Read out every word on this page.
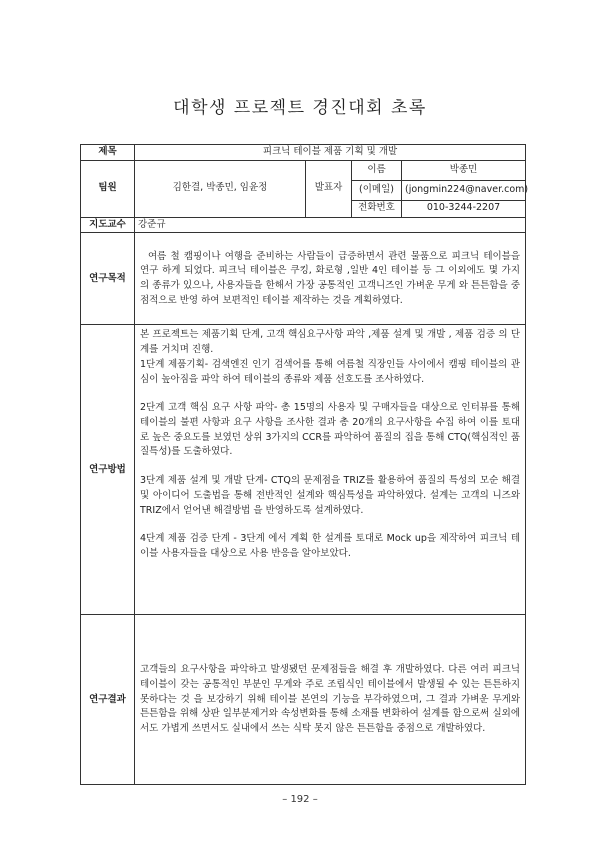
대학생 프로젝트 경진대회 초록
제목	피크닉 테이블 제품 기획 및 개발			
팀원	김한결, 박종민, 임윤정	발표자	이름	박종민
			(이메일)	(jongmin224@naver.com)
			전화번호	010-3244-2207
지도교수	강준규			
연구목적	여름 철 캠핑이나 여행을 준비하는 사람들이 급증하면서 관련 물품으로 피크닉 테이블을 연구 하게 되었다. 피크닉 테이블은 쿠킹, 화로형 ,일반 4인 테이블 등 그 이외에도 몇 가지 의 종류가 있으나, 사용자들을 한해서 가장 공통적인 고객니즈인 가벼운 무게 와 튼튼함을 중점적으로 반영 하여 보편적인 테이블 제작하는 것을 계획하였다.			

연구방법	본 프로젝트는 제품기획 단계, 고객 핵심요구사항 파악 ,제품 설계 및 개발 , 제품 검증 의 단계를 거치며 진행.

1단계 제품기획- 검색엔진 인기 검색어를 통해 여름철 직장인들 사이에서 캠핑 테이블의 관심이 높아짐을 파악 하여 테이블의 종류와 제품 선호도를 조사하였다.

2단계 고객 핵심 요구 사항 파악- 총 15명의 사용자 및 구매자들을 대상으로 인터뷰를 통해 테이블의 불편 사항과 요구 사항을 조사한 결과 총 20개의 요구사항을 수집 하여 이를 토대로 높은 중요도를 보였던 상위 3가지의 CCR를 파악하여 품질의 집을 통해 CTQ(핵심적인 품질특성)를 도출하였다.

3단계 제품 설계 및 개발 단계- CTQ의 문제점을 TRIZ를 활용하여 품질의 특성의 모순 해결 및 아이디어 도출법을 통해 전반적인 설계와 핵심특성을 파악하였다. 설계는 고객의 니즈와 TRIZ에서 얻어낸 해결방법 을 반영하도록 설계하였다.

4단계 제품 검증 단계 - 3단계 에서 계획 한 설계를 토대로 Mock up을 제작하여 피크닉 테이블 사용자들을 대상으로 사용 반응을 알아보았다.			

연구결과	고객들의 요구사항을 파악하고 발생됐던 문제점들을 해결 후 개발하였다. 다른 여러 피크닉테이블이 갖는 공통적인 부분인 무게와 주로 조립식인 테이블에서 발생될 수 있는 튼튼하지 못하다는 것 을 보강하기 위해 테이블 본연의 기능을 부각하였으며, 그 결과 가벼운 무게와 튼튼함을 위해 상판 일부분제거와 속성변화를 통해 소재를 변화하여 설계를 함으로써 실외에서도 가볍게 쓰면서도 실내에서 쓰는 식탁 못지 않은 튼튼함을 중점으로 개발하였다.			

– 192 –
